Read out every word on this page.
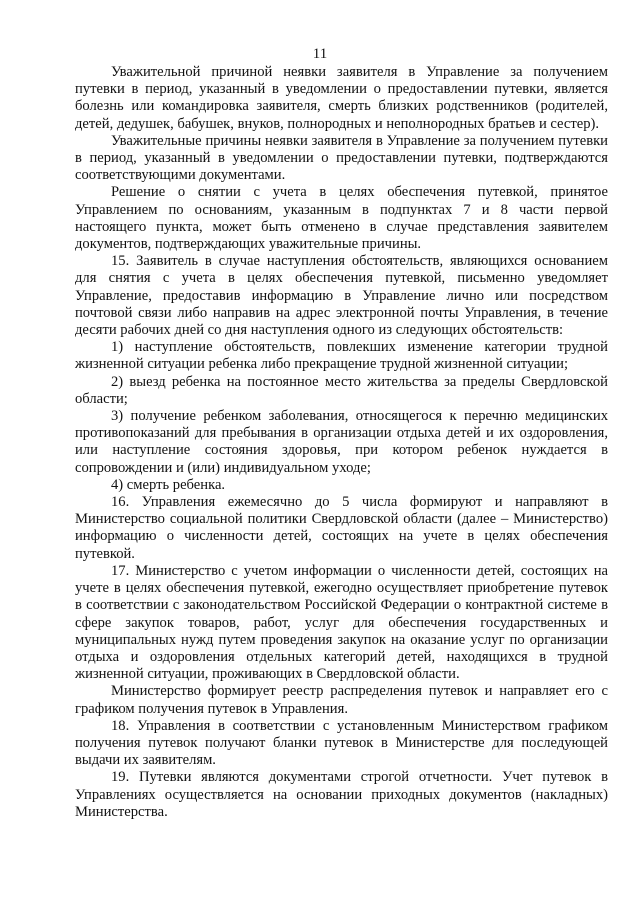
11

Уважительной причиной неявки заявителя в Управление за получением путевки в период, указанный в уведомлении о предоставлении путевки, является болезнь или командировка заявителя, смерть близких родственников (родителей, детей, дедушек, бабушек, внуков, полнородных и неполнородных братьев и сестер).

Уважительные причины неявки заявителя в Управление за получением путевки в период, указанный в уведомлении о предоставлении путевки, подтверждаются соответствующими документами.

Решение о снятии с учета в целях обеспечения путевкой, принятое Управлением по основаниям, указанным в подпунктах 7 и 8 части первой настоящего пункта, может быть отменено в случае представления заявителем документов, подтверждающих уважительные причины.

15. Заявитель в случае наступления обстоятельств, являющихся основанием для снятия с учета в целях обеспечения путевкой, письменно уведомляет Управление, предоставив информацию в Управление лично или посредством почтовой связи либо направив на адрес электронной почты Управления, в течение десяти рабочих дней со дня наступления одного из следующих обстоятельств:

1) наступление обстоятельств, повлекших изменение категории трудной жизненной ситуации ребенка либо прекращение трудной жизненной ситуации;

2) выезд ребенка на постоянное место жительства за пределы Свердловской области;

3) получение ребенком заболевания, относящегося к перечню медицинских противопоказаний для пребывания в организации отдыха детей и их оздоровления, или наступление состояния здоровья, при котором ребенок нуждается в сопровождении и (или) индивидуальном уходе;

4) смерть ребенка.

16. Управления ежемесячно до 5 числа формируют и направляют в Министерство социальной политики Свердловской области (далее – Министерство) информацию о численности детей, состоящих на учете в целях обеспечения путевкой.

17. Министерство с учетом информации о численности детей, состоящих на учете в целях обеспечения путевкой, ежегодно осуществляет приобретение путевок в соответствии с законодательством Российской Федерации о контрактной системе в сфере закупок товаров, работ, услуг для обеспечения государственных и муниципальных нужд путем проведения закупок на оказание услуг по организации отдыха и оздоровления отдельных категорий детей, находящихся в трудной жизненной ситуации, проживающих в Свердловской области.

Министерство формирует реестр распределения путевок и направляет его с графиком получения путевок в Управления.

18. Управления в соответствии с установленным Министерством графиком получения путевок получают бланки путевок в Министерстве для последующей выдачи их заявителям.

19. Путевки являются документами строгой отчетности. Учет путевок в Управлениях осуществляется на основании приходных документов (накладных) Министерства.
